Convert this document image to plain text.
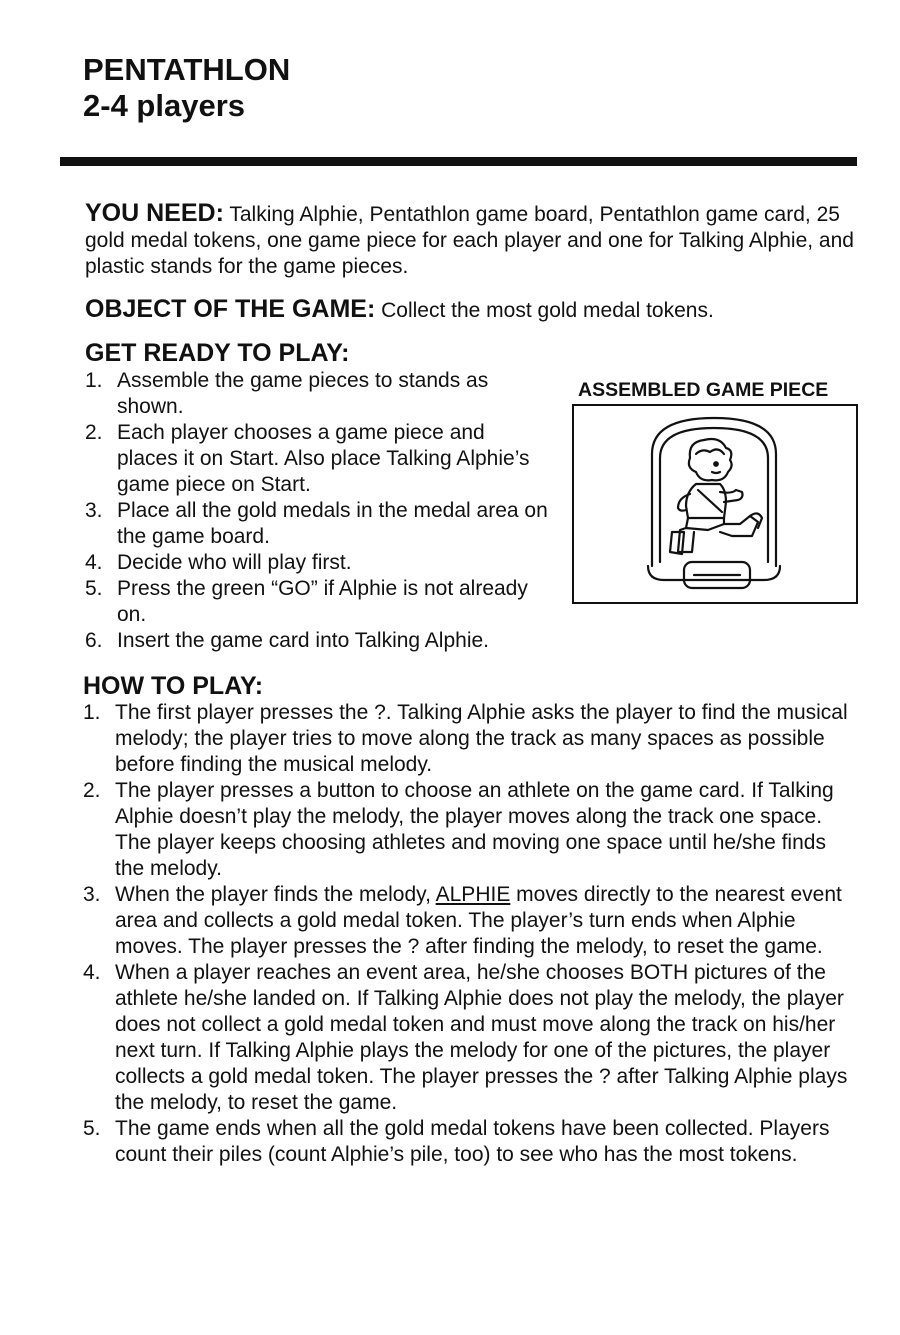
PENTATHLON
2-4 players
YOU NEED: Talking Alphie, Pentathlon game board, Pentathlon game card, 25 gold medal tokens, one game piece for each player and one for Talking Alphie, and plastic stands for the game pieces.
OBJECT OF THE GAME: Collect the most gold medal tokens.
GET READY TO PLAY:
1. Assemble the game pieces to stands as shown.
2. Each player chooses a game piece and places it on Start. Also place Talking Alphie’s game piece on Start.
3. Place all the gold medals in the medal area on the game board.
4. Decide who will play first.
5. Press the green “GO” if Alphie is not already on.
6. Insert the game card into Talking Alphie.
ASSEMBLED GAME PIECE
HOW TO PLAY:
1. The first player presses the ?. Talking Alphie asks the player to find the musical melody; the player tries to move along the track as many spaces as possible before finding the musical melody.
2. The player presses a button to choose an athlete on the game card. If Talking Alphie doesn’t play the melody, the player moves along the track one space. The player keeps choosing athletes and moving one space until he/she finds the melody.
3. When the player finds the melody, ALPHIE moves directly to the nearest event area and collects a gold medal token. The player’s turn ends when Alphie moves. The player presses the ? after finding the melody, to reset the game.
4. When a player reaches an event area, he/she chooses BOTH pictures of the athlete he/she landed on. If Talking Alphie does not play the melody, the player does not collect a gold medal token and must move along the track on his/her next turn. If Talking Alphie plays the melody for one of the pictures, the player collects a gold medal token. The player presses the ? after Talking Alphie plays the melody, to reset the game.
5. The game ends when all the gold medal tokens have been collected. Players count their piles (count Alphie’s pile, too) to see who has the most tokens.
